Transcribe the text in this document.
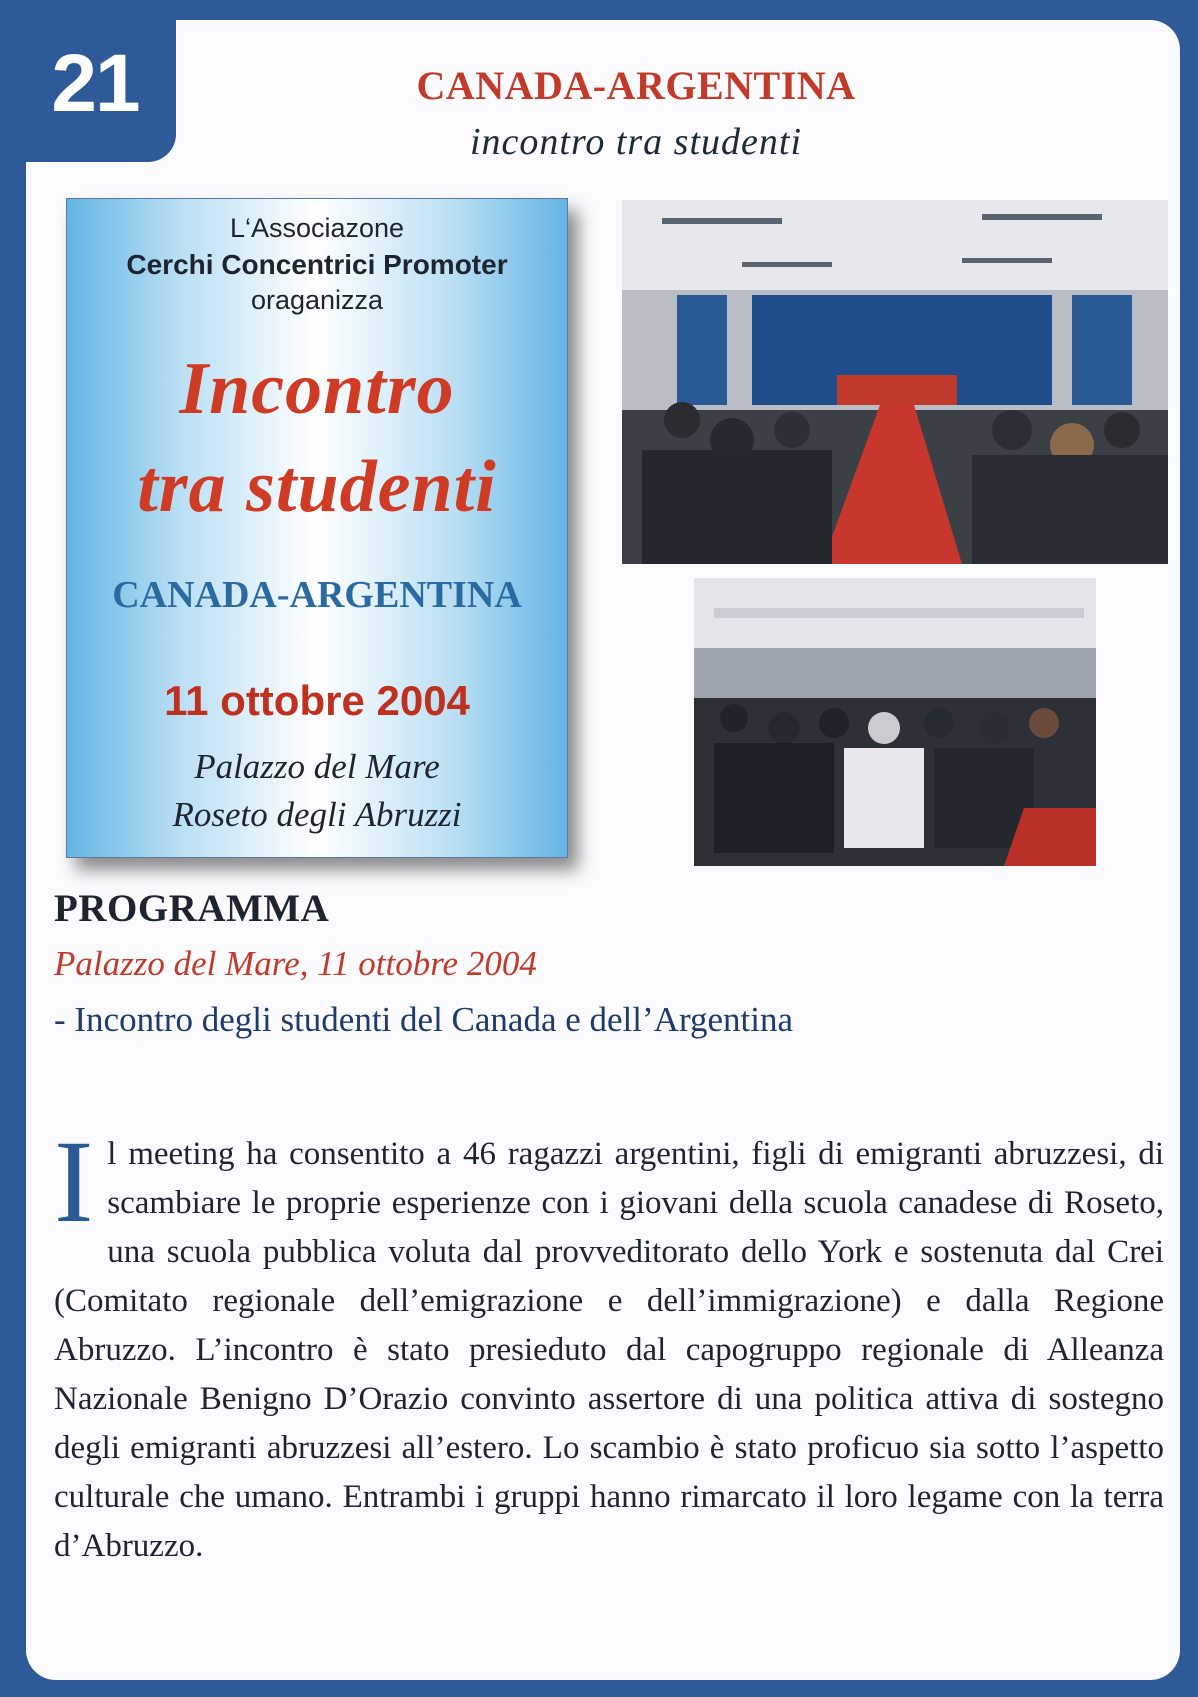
21	CANADA-ARGENTINA
incontro tra studenti
L‘Associazone
Cerchi Concentrici Promoter
oraganizza
Incontro
tra studenti
CANADA-ARGENTINA
11 ottobre 2004
Palazzo del Mare
Roseto degli Abruzzi
PROGRAMMA
Palazzo del Mare, 11 ottobre 2004
- Incontro degli studenti del Canada e dell’Argentina
I l meeting ha consentito a 46 ragazzi argentini, figli di emigranti abruzzesi, di scambiare le proprie esperienze con i giovani della scuola canadese di Roseto, una scuola pubblica voluta dal provveditorato dello York e sostenuta dal Crei (Comitato regionale dell’emigrazione e dell’immigrazione) e dalla Regione Abruzzo. L’incontro è stato presieduto dal capogruppo regionale di Alleanza Nazionale Benigno D’Orazio convinto assertore di una politica attiva di sostegno degli emigranti abruzzesi all’estero. Lo scambio è stato proficuo sia sotto l’aspetto culturale che umano. Entrambi i gruppi hanno rimarcato il loro legame con la terra d’Abruzzo.
